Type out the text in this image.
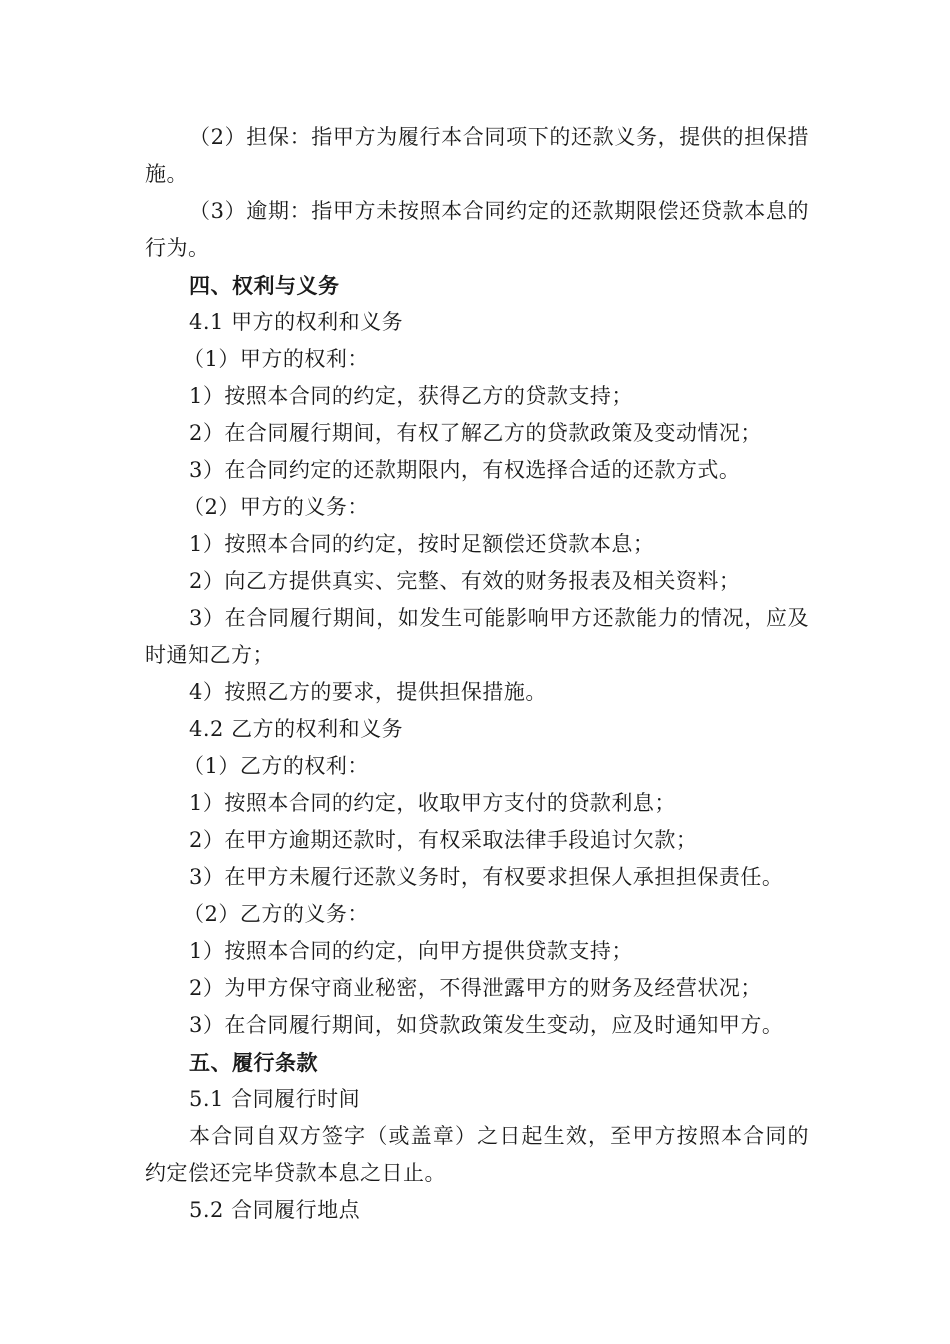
（2）担保：指甲方为履行本合同项下的还款义务，提供的担保措施。

（3）逾期：指甲方未按照本合同约定的还款期限偿还贷款本息的行为。

四、权利与义务

4.1 甲方的权利和义务

（1）甲方的权利：

1）按照本合同的约定，获得乙方的贷款支持；

2）在合同履行期间，有权了解乙方的贷款政策及变动情况；

3）在合同约定的还款期限内，有权选择合适的还款方式。

（2）甲方的义务：

1）按照本合同的约定，按时足额偿还贷款本息；

2）向乙方提供真实、完整、有效的财务报表及相关资料；

3）在合同履行期间，如发生可能影响甲方还款能力的情况，应及时通知乙方；

4）按照乙方的要求，提供担保措施。

4.2 乙方的权利和义务

（1）乙方的权利：

1）按照本合同的约定，收取甲方支付的贷款利息；

2）在甲方逾期还款时，有权采取法律手段追讨欠款；

3）在甲方未履行还款义务时，有权要求担保人承担担保责任。

（2）乙方的义务：

1）按照本合同的约定，向甲方提供贷款支持；

2）为甲方保守商业秘密，不得泄露甲方的财务及经营状况；

3）在合同履行期间，如贷款政策发生变动，应及时通知甲方。

五、履行条款

5.1 合同履行时间

本合同自双方签字（或盖章）之日起生效，至甲方按照本合同的约定偿还完毕贷款本息之日止。

5.2 合同履行地点
